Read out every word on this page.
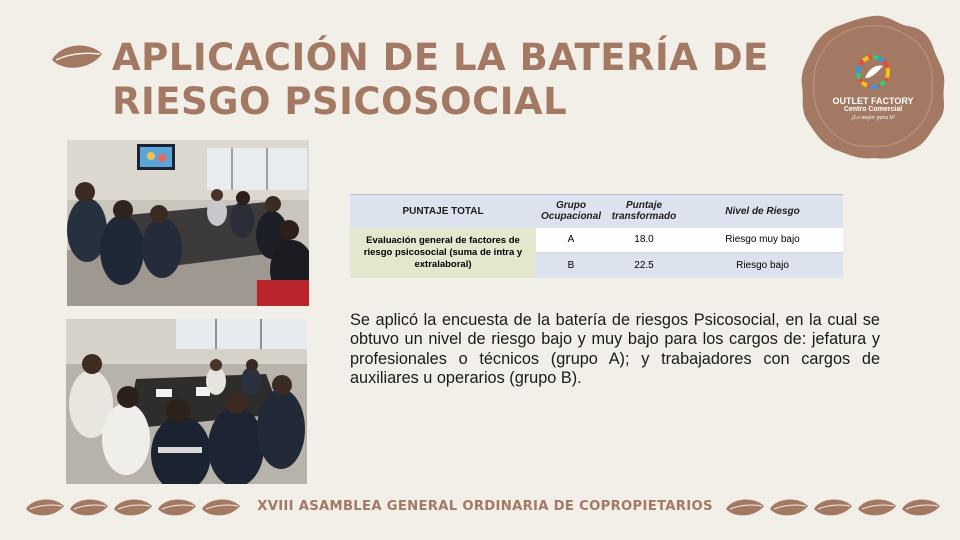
APLICACIÓN DE LA BATERÍA DE
RIESGO PSICOSOCIAL	OUTLET FACTORY
Centro Comercial
¡Lo mejor para ti!
PUNTAJE TOTAL	Grupo Ocupacional	Puntaje transformado	Nivel de Riesgo
Evaluación general de factores de riesgo psicosocial (suma de intra y extralaboral)	A	18.0	Riesgo muy bajo
	B	22.5	Riesgo bajo

Se aplicó la encuesta de la batería de riesgos Psicosocial, en la cual se obtuvo un nivel de riesgo bajo y muy bajo para los cargos de: jefatura y profesionales o técnicos (grupo A); y trabajadores con cargos de auxiliares u operarios (grupo B).

XVIII ASAMBLEA GENERAL ORDINARIA DE COPROPIETARIOS
